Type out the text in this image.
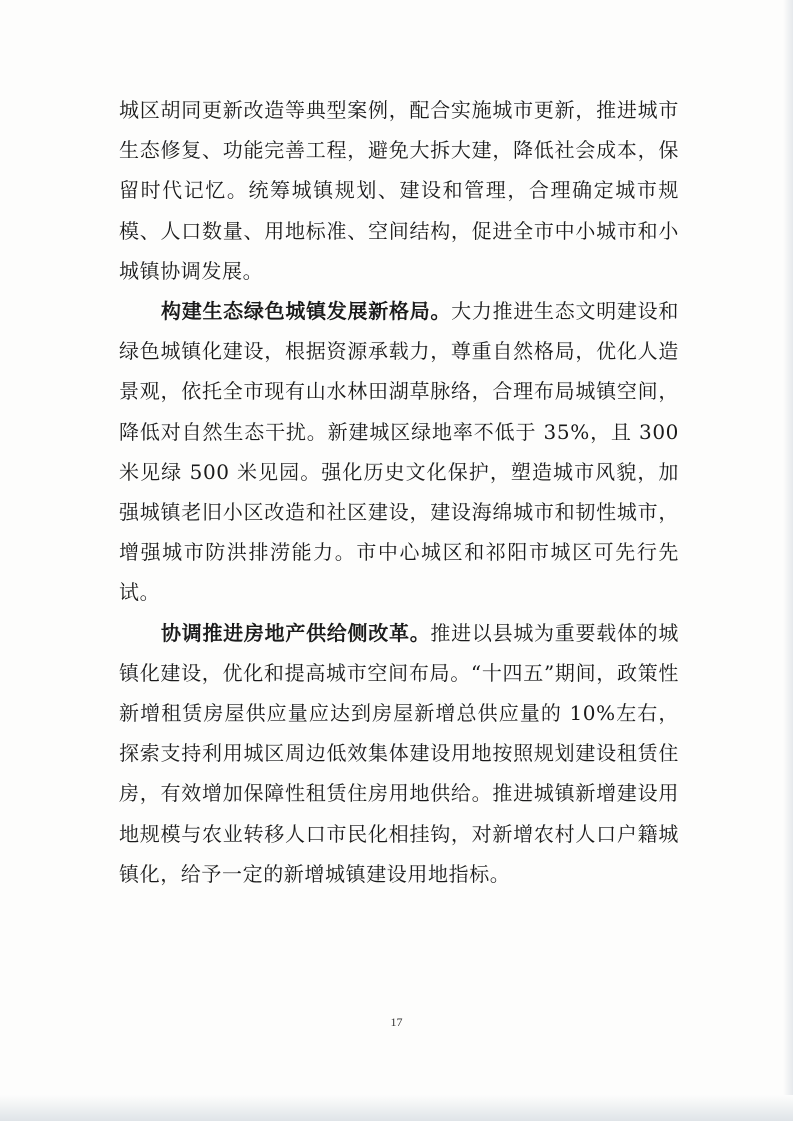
城区胡同更新改造等典型案例，配合实施城市更新，推进城市生态修复、功能完善工程，避免大拆大建，降低社会成本，保留时代记忆。统筹城镇规划、建设和管理，合理确定城市规模、人口数量、用地标准、空间结构，促进全市中小城市和小城镇协调发展。

构建生态绿色城镇发展新格局。大力推进生态文明建设和绿色城镇化建设，根据资源承载力，尊重自然格局，优化人造景观，依托全市现有山水林田湖草脉络，合理布局城镇空间，降低对自然生态干扰。新建城区绿地率不低于 35%，且 300 米见绿 500 米见园。强化历史文化保护，塑造城市风貌，加强城镇老旧小区改造和社区建设，建设海绵城市和韧性城市，增强城市防洪排涝能力。市中心城区和祁阳市城区可先行先试。

协调推进房地产供给侧改革。推进以县城为重要载体的城镇化建设，优化和提高城市空间布局。“十四五”期间，政策性新增租赁房屋供应量应达到房屋新增总供应量的 10%左右，探索支持利用城区周边低效集体建设用地按照规划建设租赁住房，有效增加保障性租赁住房用地供给。推进城镇新增建设用地规模与农业转移人口市民化相挂钩，对新增农村人口户籍城镇化，给予一定的新增城镇建设用地指标。

17
